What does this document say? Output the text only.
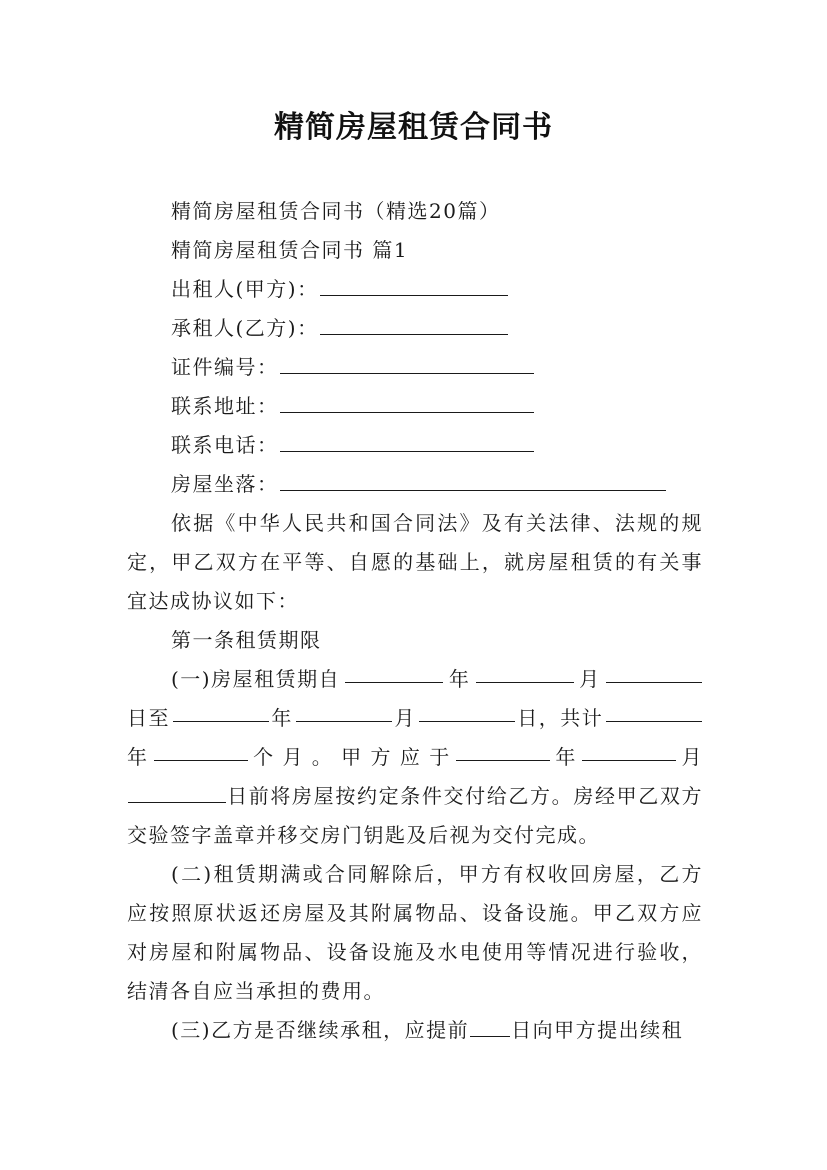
精简房屋租赁合同书
精简房屋租赁合同书（精选20篇）
精简房屋租赁合同书 篇1
出租人(甲方)：
承租人(乙方)：
证件编号：
联系地址：
联系电话：
房屋坐落：
依据《中华人民共和国合同法》及有关法律、法规的规定，甲乙双方在平等、自愿的基础上，就房屋租赁的有关事宜达成协议如下：
第一条租赁期限
(一)房屋租赁期自	年	月
日至	年	月	日，共计
年	个 月 。 甲 方 应 于	年	月
日前将房屋按约定条件交付给乙方。房经甲乙双方交验签字盖章并移交房门钥匙及后视为交付完成。
(二)租赁期满或合同解除后，甲方有权收回房屋，乙方应按照原状返还房屋及其附属物品、设备设施。甲乙双方应对房屋和附属物品、设备设施及水电使用等情况进行验收，结清各自应当承担的费用。
(三)乙方是否继续承租，应提前 日向甲方提出续租
